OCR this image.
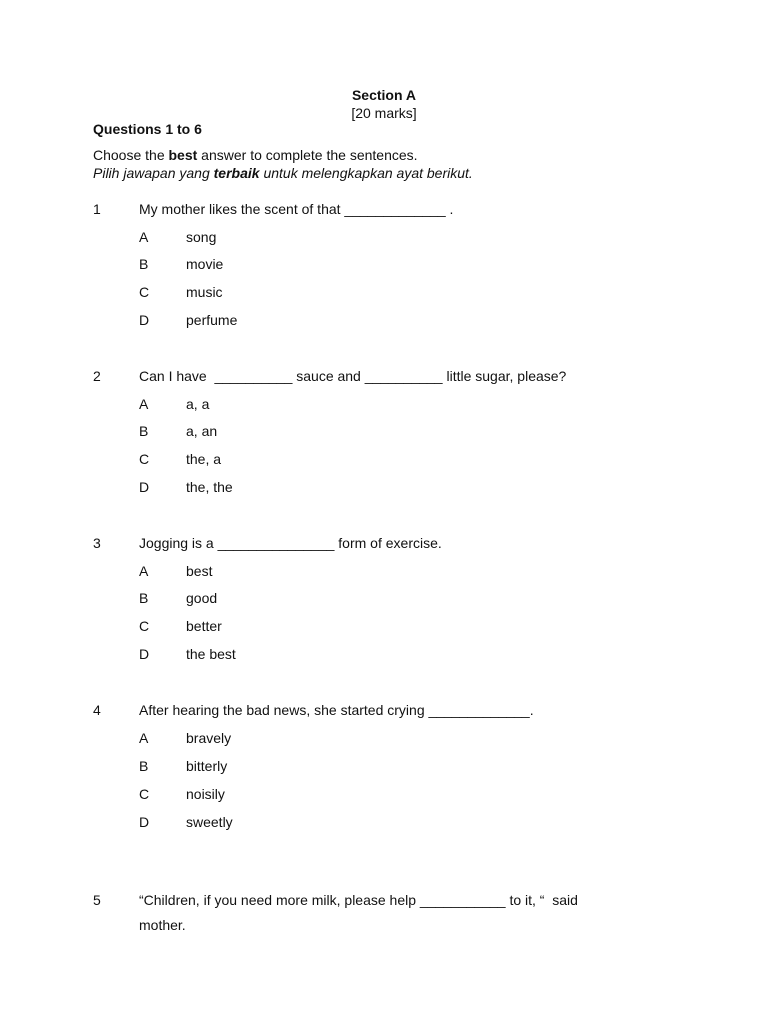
Section A
[20 marks]
Questions 1 to 6
Choose the best answer to complete the sentences.
Pilih jawapan yang terbaik untuk melengkapkan ayat berikut.
1	My mother likes the scent of that _____________ .
A	song
B	movie
C	music
D	perfume
2	Can I have  __________ sauce and __________ little sugar, please?
A	a, a
B	a, an
C	the, a
D	the, the
3	Jogging is a _______________ form of exercise.
A	best
B	good
C	better
D	the best
4	After hearing the bad news, she started crying _____________.
A	bravely
B	bitterly
C	noisily
D	sweetly
5	“Children, if you need more milk, please help ___________ to it, “  said
mother.
